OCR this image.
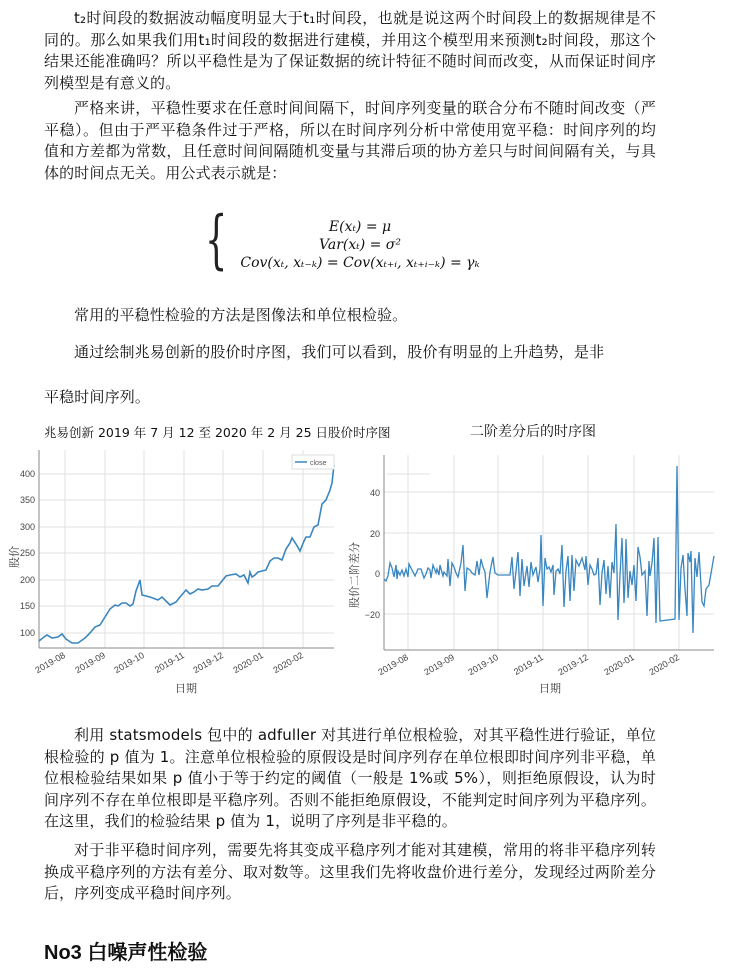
t₂时间段的数据波动幅度明显大于t₁时间段，也就是说这两个时间段上的数据规律是不同的。那么如果我们用t₁时间段的数据进行建模，并用这个模型用来预测t₂时间段，那这个结果还能准确吗？所以平稳性是为了保证数据的统计特征不随时间而改变，从而保证时间序列模型是有意义的。
严格来讲，平稳性要求在任意时间间隔下，时间序列变量的联合分布不随时间改变（严平稳）。但由于严平稳条件过于严格，所以在时间序列分析中常使用宽平稳：时间序列的均值和方差都为常数，且任意时间间隔随机变量与其滞后项的协方差只与时间间隔有关，与具体的时间点无关。用公式表示就是：
{	E(xₜ) = μ
Var(xₜ) = σ²
Cov(xₜ, xₜ₋ₖ) = Cov(xₜ₊ᵢ, xₜ₊ᵢ₋ₖ) = γₖ
常用的平稳性检验的方法是图像法和单位根检验。
通过绘制兆易创新的股价时序图，我们可以看到，股价有明显的上升趋势，是非
平稳时间序列。
兆易创新 2019 年 7 月 12 至 2020 年 2 月 25 日股价时序图	二阶差分后的时序图
close
400
350
300
250
200
150
100
2019-08 2019-09 2019-10 2019-11 2019-12 2020-01 2020-02
日期
股价
40
20
0
−20
2019-08 2019-09 2019-10 2019-11 2019-12 2020-01 2020-02
日期
股价二阶差分
利用 statsmodels 包中的 adfuller 对其进行单位根检验，对其平稳性进行验证，单位根检验的 p 值为 1。注意单位根检验的原假设是时间序列存在单位根即时间序列非平稳，单位根检验结果如果 p 值小于等于约定的阈值（一般是 1%或 5%），则拒绝原假设，认为时间序列不存在单位根即是平稳序列。否则不能拒绝原假设，不能判定时间序列为平稳序列。在这里，我们的检验结果 p 值为 1，说明了序列是非平稳的。
对于非平稳时间序列，需要先将其变成平稳序列才能对其建模，常用的将非平稳序列转换成平稳序列的方法有差分、取对数等。这里我们先将收盘价进行差分，发现经过两阶差分后，序列变成平稳时间序列。
No3 白噪声性检验
